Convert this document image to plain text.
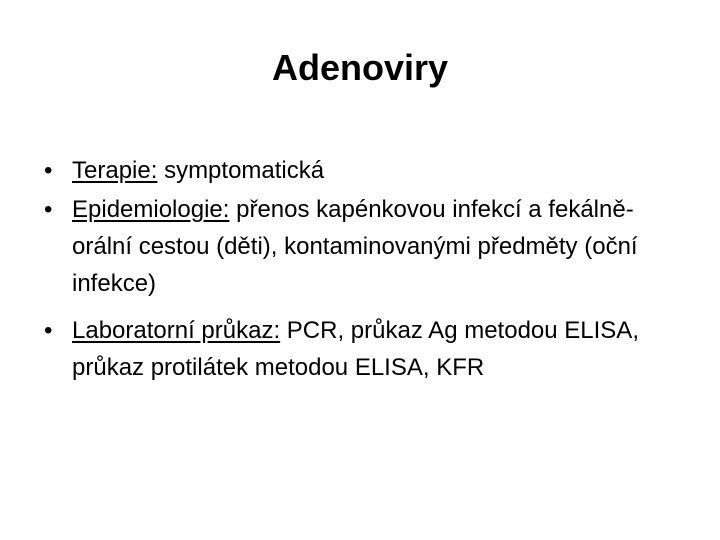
Adenoviry
• Terapie: symptomatická
• Epidemiologie: přenos kapénkovou infekcí a fekálně-orální cestou (děti), kontaminovanými předměty (oční infekce)
• Laboratorní průkaz: PCR, průkaz Ag metodou ELISA, průkaz protilátek metodou ELISA, KFR
